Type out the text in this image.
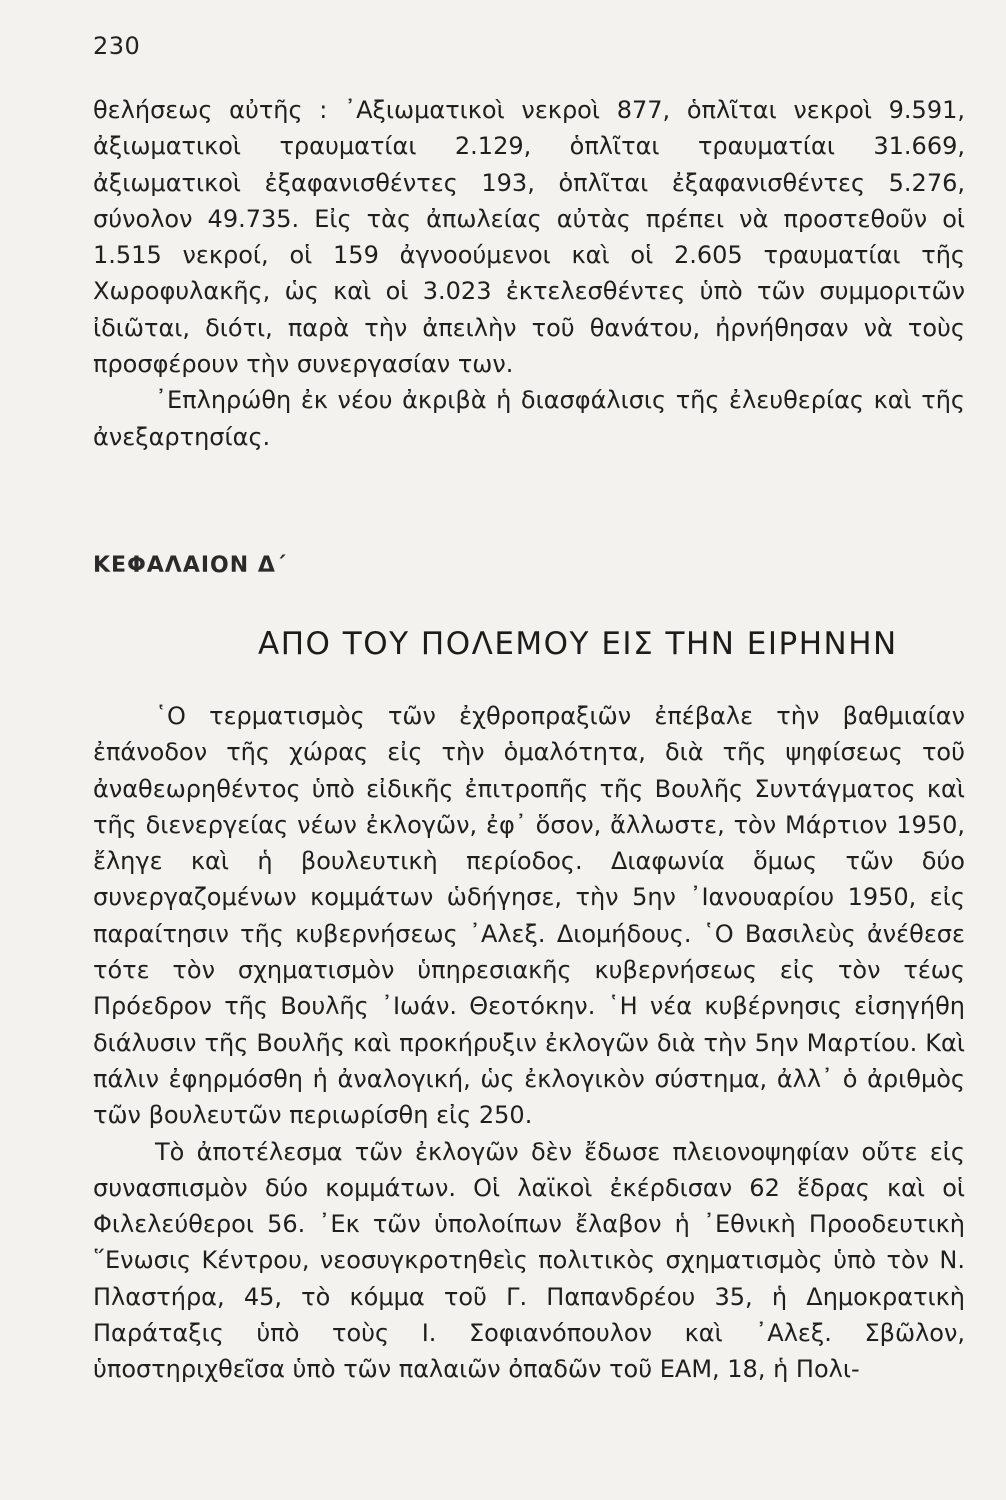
230

θελήσεως αὐτῆς : ᾿Αξιωματικοὶ νεκροὶ 877, ὁπλῖται νεκροὶ 9.591, ἀξιωματικοὶ τραυματίαι 2.129, ὁπλῖται τραυματίαι 31.669, ἀξιωματικοὶ ἐξαφανισθέντες 193, ὁπλῖται ἐξαφανισθέντες 5.276, σύνολον 49.735. Εἰς τὰς ἀπωλείας αὐτὰς πρέπει νὰ προστεθοῦν οἱ 1.515 νεκροί, οἱ 159 ἀγνοούμενοι καὶ οἱ 2.605 τραυματίαι τῆς Χωροφυλακῆς, ὡς καὶ οἱ 3.023 ἐκτελεσθέντες ὑπὸ τῶν συμμοριτῶν ἰδιῶται, διότι, παρὰ τὴν ἀπειλὴν τοῦ θανάτου, ἠρνήθησαν νὰ τοὺς προσφέρουν τὴν συνεργασίαν των.

᾿Επληρώθη ἐκ νέου ἀκριβὰ ἡ διασφάλισις τῆς ἐλευθερίας καὶ τῆς ἀνεξαρτησίας.

ΚΕΦΑΛΑΙΟΝ Δ΄
ΑΠΟ ΤΟΥ ΠΟΛΕΜΟΥ ΕΙΣ ΤΗΝ ΕΙΡΗΝΗΝ

῾Ο τερματισμὸς τῶν ἐχθροπραξιῶν ἐπέβαλε τὴν βαθμιαίαν ἐπάνοδον τῆς χώρας εἰς τὴν ὁμαλότητα, διὰ τῆς ψηφίσεως τοῦ ἀναθεωρηθέντος ὑπὸ εἰδικῆς ἐπιτροπῆς τῆς Βουλῆς Συντάγματος καὶ τῆς διενεργείας νέων ἐκλογῶν, ἐφ᾿ ὅσον, ἄλλωστε, τὸν Μάρτιον 1950, ἔληγε καὶ ἡ βουλευτικὴ περίοδος. Διαφωνία ὅμως τῶν δύο συνεργαζομένων κομμάτων ὡδήγησε, τὴν 5ην ᾿Ιανουαρίου 1950, εἰς παραίτησιν τῆς κυβερνήσεως ᾿Αλεξ. Διομήδους. ῾Ο Βασιλεὺς ἀνέθεσε τότε τὸν σχηματισμὸν ὑπηρεσιακῆς κυβερνήσεως εἰς τὸν τέως Πρόεδρον τῆς Βουλῆς ᾿Ιωάν. Θεοτόκην. ῾Η νέα κυβέρνησις εἰσηγήθη διάλυσιν τῆς Βουλῆς καὶ προκήρυξιν ἐκλογῶν διὰ τὴν 5ην Μαρτίου. Καὶ πάλιν ἐφηρμόσθη ἡ ἀναλογική, ὡς ἐκλογικὸν σύστημα, ἀλλ᾿ ὁ ἀριθμὸς τῶν βουλευτῶν περιωρίσθη εἰς 250.

Τὸ ἀποτέλεσμα τῶν ἐκλογῶν δὲν ἔδωσε πλειονοψηφίαν οὔτε εἰς συνασπισμὸν δύο κομμάτων. Οἱ λαϊκοὶ ἐκέρδισαν 62 ἕδρας καὶ οἱ Φιλελεύθεροι 56. ᾿Εκ τῶν ὑπολοίπων ἔλαβον ἡ ᾿Εθνικὴ Προοδευτικὴ ῞Ενωσις Κέντρου, νεοσυγκροτηθεὶς πολιτικὸς σχηματισμὸς ὑπὸ τὸν Ν. Πλαστήρα, 45, τὸ κόμμα τοῦ Γ. Παπανδρέου 35, ἡ Δημοκρατικὴ Παράταξις ὑπὸ τοὺς Ι. Σοφιανόπουλον καὶ ᾿Αλεξ. Σβῶλον, ὑποστηριχθεῖσα ὑπὸ τῶν παλαιῶν ὀπαδῶν τοῦ ΕΑΜ, 18, ἡ Πολι-
